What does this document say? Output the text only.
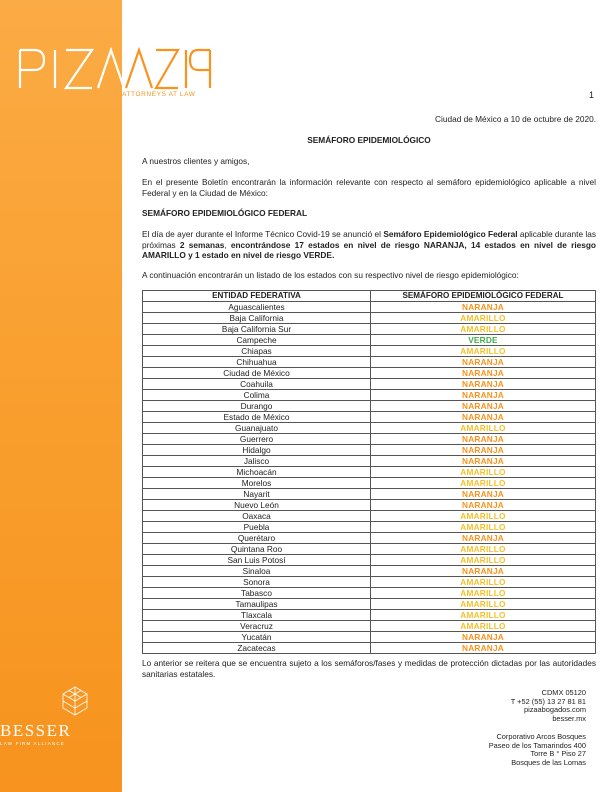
ATTORNEYS AT LAW
BESSER
LAW FIRM ALLIANCE
1
Ciudad de México a 10 de octubre de 2020.
SEMÁFORO EPIDEMIOLÓGICO
A nuestros clientes y amigos,
En el presente Boletín encontrarán la información relevante con respecto al semáforo epidemiológico aplicable a nivel Federal y en la Ciudad de México:
SEMÁFORO EPIDEMIOLÓGICO FEDERAL
El día de ayer durante el Informe Técnico Covid-19 se anunció el Semáforo Epidemiológico Federal aplicable durante las próximas 2 semanas, encontrándose 17 estados en nivel de riesgo NARANJA, 14 estados en nivel de riesgo AMARILLO y 1 estado en nivel de riesgo VERDE.
A continuación encontrarán un listado de los estados con su respectivo nivel de riesgo epidemiológico:
ENTIDAD FEDERATIVA	SEMÁFORO EPIDEMIOLÓGICO FEDERAL
Aguascalientes	NARANJA
Baja California	AMARILLO
Baja California Sur	AMARILLO
Campeche	VERDE
Chiapas	AMARILLO
Chihuahua	NARANJA
Ciudad de México	NARANJA
Coahuila	NARANJA
Colima	NARANJA
Durango	NARANJA
Estado de México	NARANJA
Guanajuato	AMARILLO
Guerrero	NARANJA
Hidalgo	NARANJA
Jalisco	NARANJA
Michoacán	AMARILLO
Morelos	AMARILLO
Nayarit	NARANJA
Nuevo León	NARANJA
Oaxaca	AMARILLO
Puebla	AMARILLO
Querétaro	NARANJA
Quintana Roo	AMARILLO
San Luis Potosí	AMARILLO
Sinaloa	NARANJA
Sonora	AMARILLO
Tabasco	AMARILLO
Tamaulipas	AMARILLO
Tlaxcala	AMARILLO
Veracruz	AMARILLO
Yucatán	NARANJA
Zacatecas	NARANJA
Lo anterior se reitera que se encuentra sujeto a los semáforos/fases y medidas de protección dictadas por las autoridades sanitarias estatales.
CDMX 05120
T +52 (55) 13 27 81 81
pizaabogados.com
besser.mx
Corporativo Arcos Bosques
Paseo de los Tamarindos 400
Torre B ° Piso 27
Bosques de las Lomas
